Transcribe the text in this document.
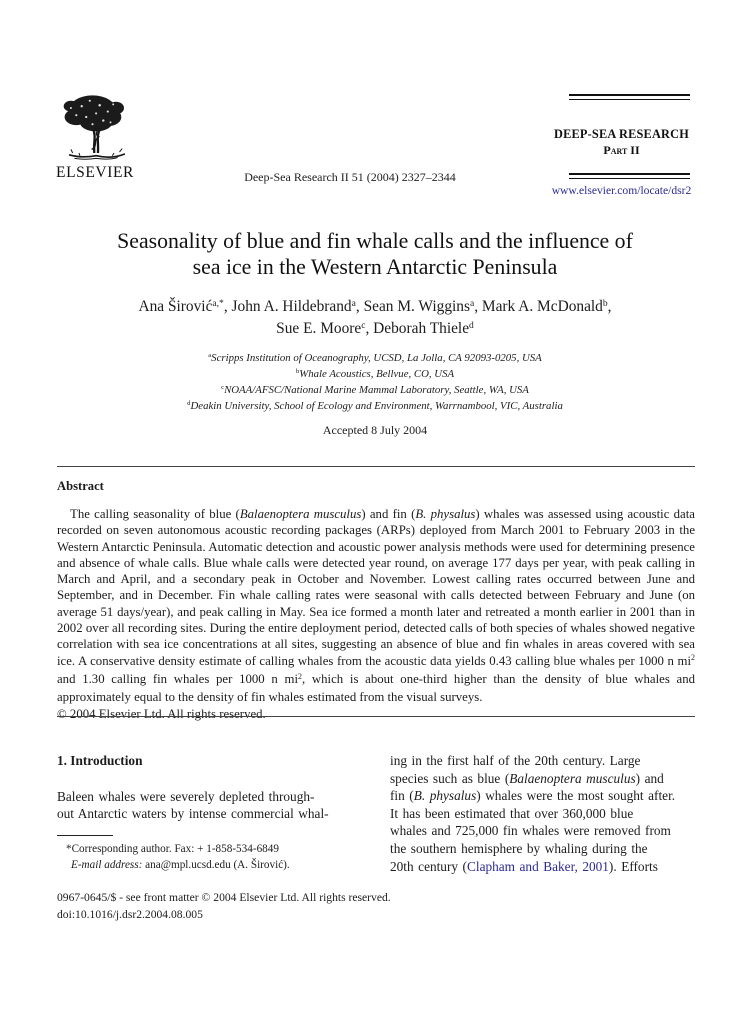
ELSEVIER	Deep-Sea Research II 51 (2004) 2327–2344
DEEP-SEA RESEARCH
Part II
www.elsevier.com/locate/dsr2
Seasonality of blue and fin whale calls and the influence of
sea ice in the Western Antarctic Peninsula
Ana Širović$^{a,*}$, John A. Hildebrand$^a$, Sean M. Wiggins$^a$, Mark A. McDonald$^b$,
Sue E. Moore$^c$, Deborah Thiele$^d$
$^a$Scripps Institution of Oceanography, UCSD, La Jolla, CA 92093-0205, USA
$^b$Whale Acoustics, Bellvue, CO, USA
$^c$NOAA/AFSC/National Marine Mammal Laboratory, Seattle, WA, USA
$^d$Deakin University, School of Ecology and Environment, Warrnambool, VIC, Australia
Accepted 8 July 2004
Abstract

The calling seasonality of blue (Balaenoptera musculus) and fin (B. physalus) whales was assessed using acoustic data recorded on seven autonomous acoustic recording packages (ARPs) deployed from March 2001 to February 2003 in the Western Antarctic Peninsula. Automatic detection and acoustic power analysis methods were used for determining presence and absence of whale calls. Blue whale calls were detected year round, on average 177 days per year, with peak calling in March and April, and a secondary peak in October and November. Lowest calling rates occurred between June and September, and in December. Fin whale calling rates were seasonal with calls detected between February and June (on average 51 days/year), and peak calling in May. Sea ice formed a month later and retreated a month earlier in 2001 than in 2002 over all recording sites. During the entire deployment period, detected calls of both species of whales showed negative correlation with sea ice concentrations at all sites, suggesting an absence of blue and fin whales in areas covered with sea ice. A conservative density estimate of calling whales from the acoustic data yields 0.43 calling blue whales per 1000 n $mi^2$ and 1.30 calling fin whales per 1000 n $mi^2$, which is about one-third higher than the density of blue whales and approximately equal to the density of fin whales estimated from the visual surveys.

© 2004 Elsevier Ltd. All rights reserved.
1. Introduction

Baleen whales were severely depleted through-
out Antarctic waters by intense commercial whal-

ing in the first half of the 20th century. Large
species such as blue (Balaenoptera musculus) and
fin (B. physalus) whales were the most sought after.
It has been estimated that over 360,000 blue
whales and 725,000 fin whales were removed from
the southern hemisphere by whaling during the
20th century (Clapham and Baker, 2001). Efforts

*Corresponding author. Fax: + 1-858-534-6849
E-mail address: ana@mpl.ucsd.edu (A. Širović).
0967-0645/$ - see front matter © 2004 Elsevier Ltd. All rights reserved.
doi:10.1016/j.dsr2.2004.08.005
